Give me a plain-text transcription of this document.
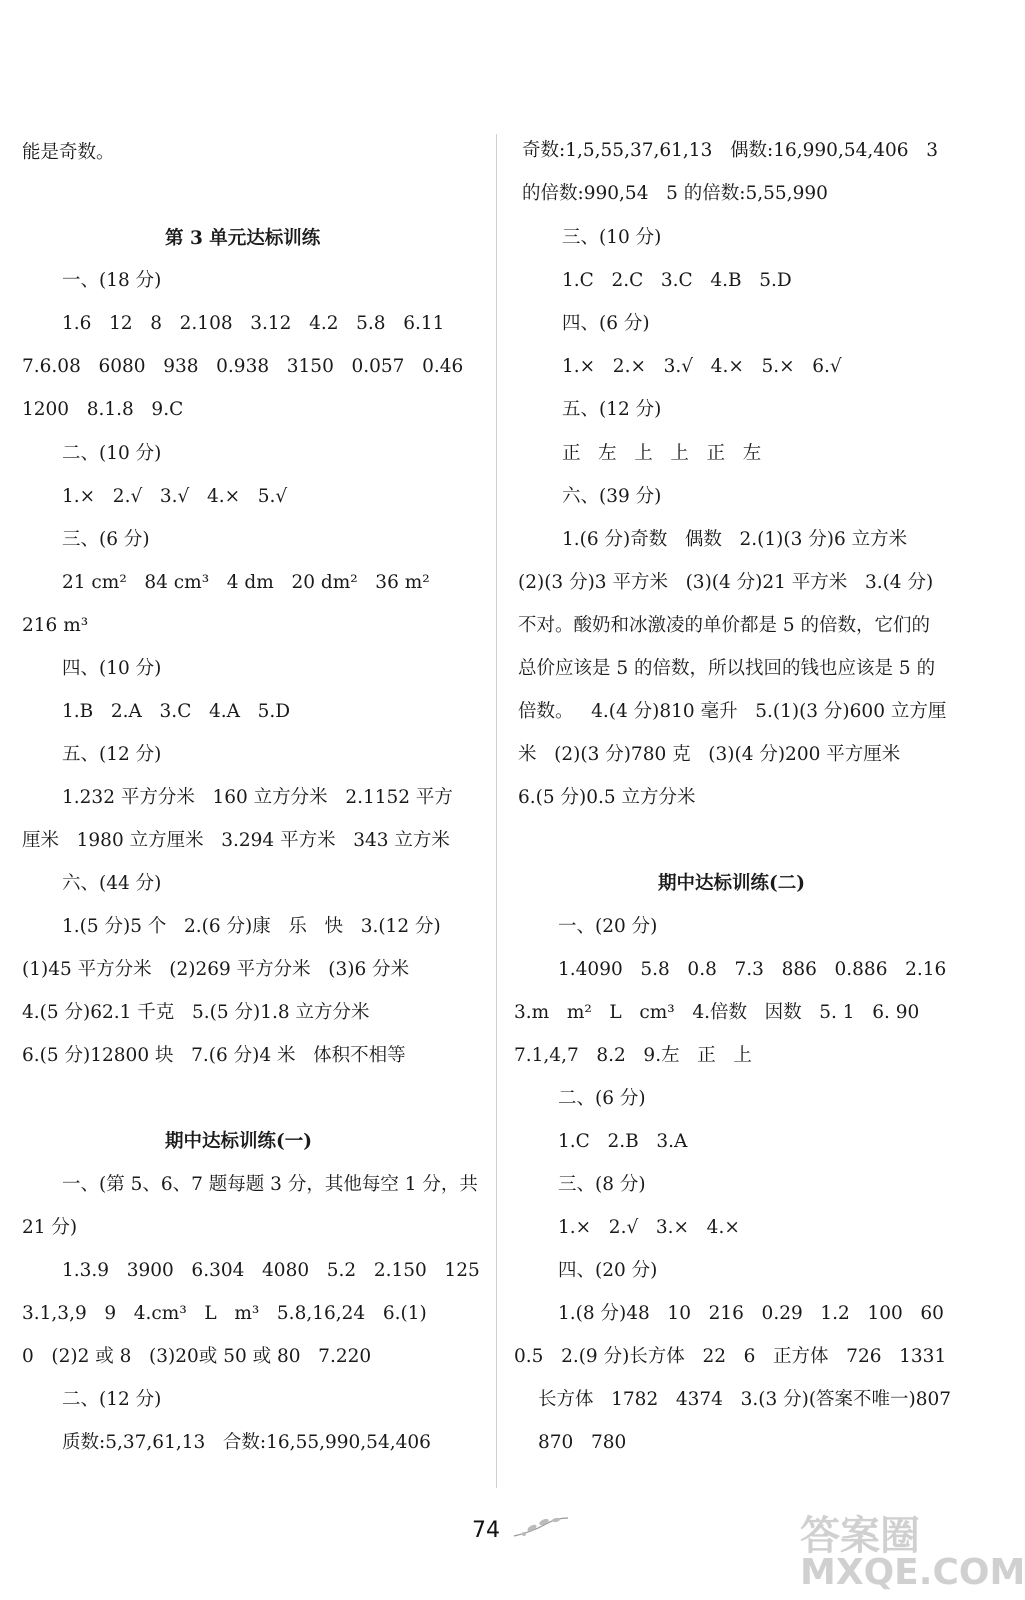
能是奇数。
第 3 单元达标训练
一、(18 分)
1.6   12   8   2.108   3.12   4.2   5.8   6.11
7.6.08   6080   938   0.938   3150   0.057   0.46
1200   8.1.8   9.C
二、(10 分)
1.×   2.√   3.√   4.×   5.√
三、(6 分)
21 cm²   84 cm³   4 dm   20 dm²   36 m²
216 m³
四、(10 分)
1.B   2.A   3.C   4.A   5.D
五、(12 分)
1.232 平方分米   160 立方分米   2.1152 平方
厘米   1980 立方厘米   3.294 平方米   343 立方米
六、(44 分)
1.(5 分)5 个   2.(6 分)康   乐   快   3.(12 分)
(1)45 平方分米   (2)269 平方分米   (3)6 分米
4.(5 分)62.1 千克   5.(5 分)1.8 立方分米
6.(5 分)12800 块   7.(6 分)4 米   体积不相等
期中达标训练(一)
一、(第 5、6、7 题每题 3 分，其他每空 1 分，共
21 分)
1.3.9   3900   6.304   4080   5.2   2.150   125
3.1,3,9   9   4.cm³   L   m³   5.8,16,24   6.(1)
0   (2)2 或 8   (3)20或 50 或 80   7.220
二、(12 分)
质数:5,37,61,13   合数:16,55,990,54,406
奇数:1,5,55,37,61,13   偶数:16,990,54,406   3
的倍数:990,54   5 的倍数:5,55,990
三、(10 分)
1.C   2.C   3.C   4.B   5.D
四、(6 分)
1.×   2.×   3.√   4.×   5.×   6.√
五、(12 分)
正   左   上   上   正   左
六、(39 分)
1.(6 分)奇数   偶数   2.(1)(3 分)6 立方米
(2)(3 分)3 平方米   (3)(4 分)21 平方米   3.(4 分)
不对。酸奶和冰激凌的单价都是 5 的倍数，它们的
总价应该是 5 的倍数，所以找回的钱也应该是 5 的
倍数。   4.(4 分)810 毫升   5.(1)(3 分)600 立方厘
米   (2)(3 分)780 克   (3)(4 分)200 平方厘米
6.(5 分)0.5 立方分米
期中达标训练(二)
一、(20 分)
1.4090   5.8   0.8   7.3   886   0.886   2.16
3.m   m²   L   cm³   4.倍数   因数   5. 1   6. 90
7.1,4,7   8.2   9.左   正   上
二、(6 分)
1.C   2.B   3.A
三、(8 分)
1.×   2.√   3.×   4.×
四、(20 分)
1.(8 分)48   10   216   0.29   1.2   100   60
0.5   2.(9 分)长方体   22   6   正方体   726   1331
长方体   1782   4374   3.(3 分)(答案不唯一)807
870   780
74	答案圈
MXQE.COM
